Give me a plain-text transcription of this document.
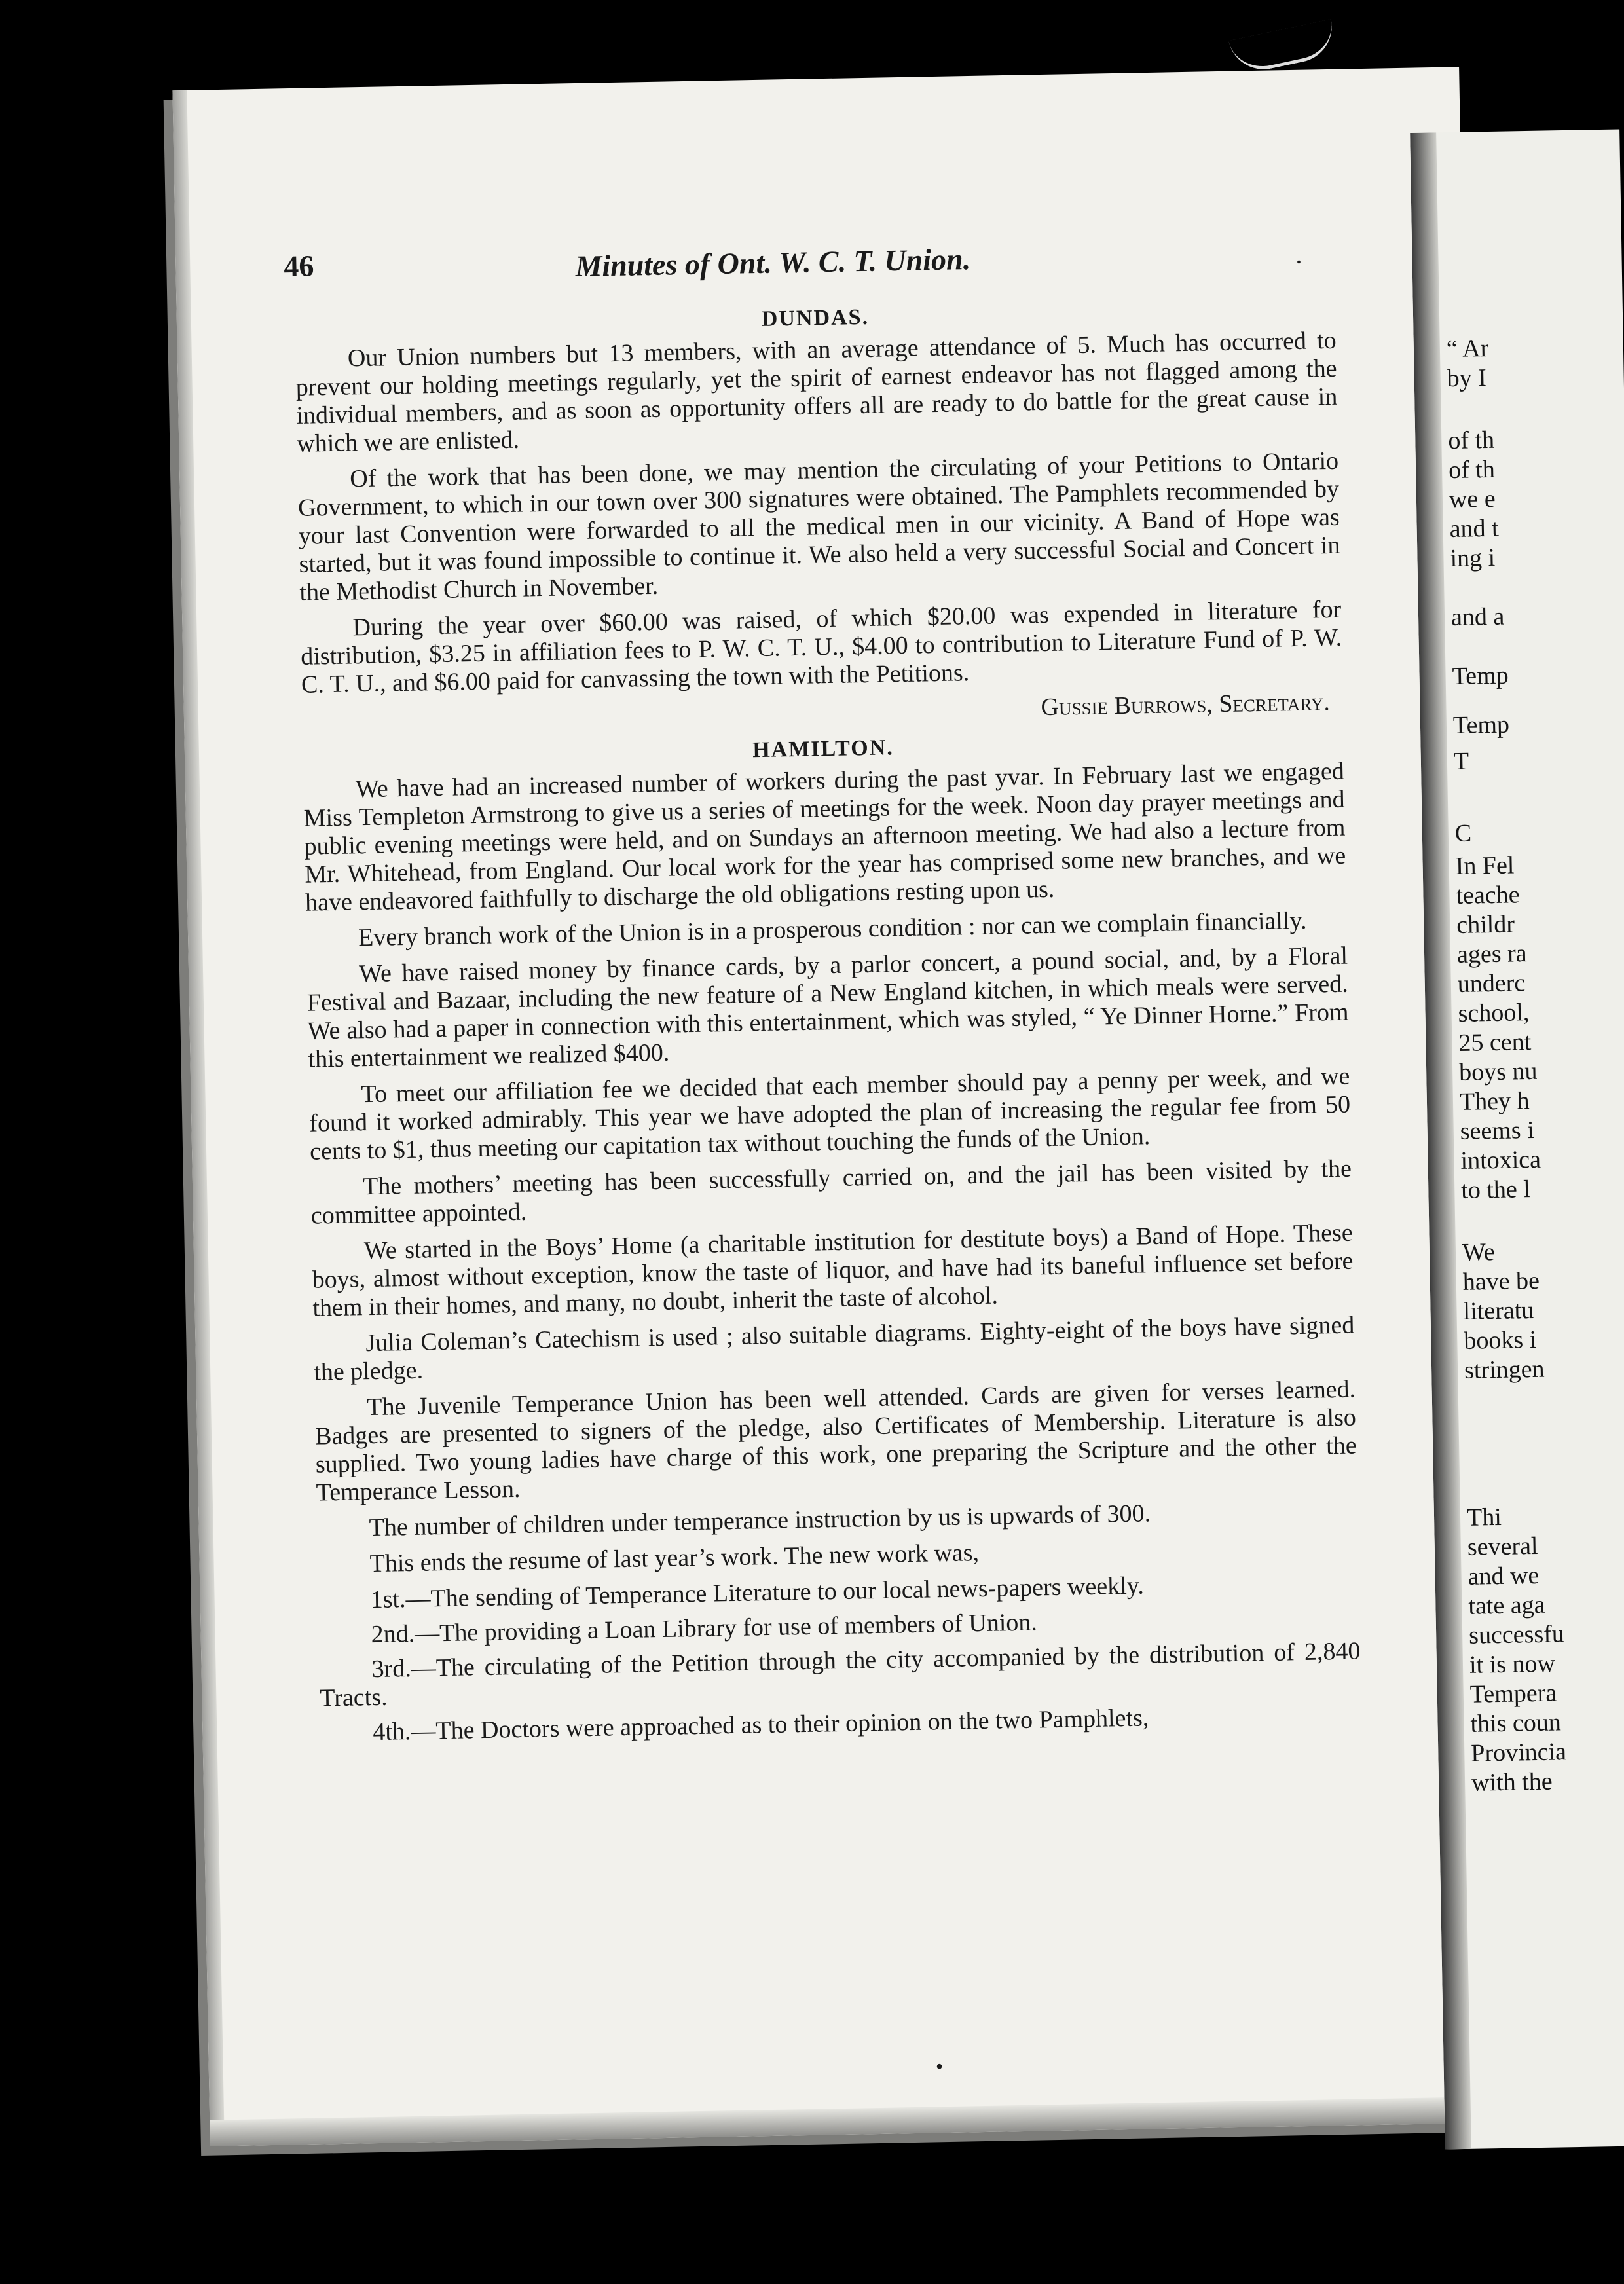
46	Minutes of Ont. W. C. T. Union.	.
DUNDAS.

Our Union numbers but 13 members, with an average attendance of 5. Much has occurred to prevent our holding meetings regularly, yet the spirit of earnest endeavor has not flagged among the individual members, and as soon as opportunity offers all are ready to do battle for the great cause in which we are enlisted.

Of the work that has been done, we may mention the circulating of your Petitions to Ontario Government, to which in our town over 300 signatures were obtained. The Pamphlets recommended by your last Convention were forwarded to all the medical men in our vicinity. A Band of Hope was started, but it was found impossible to continue it. We also held a very successful Social and Concert in the Methodist Church in November.

During the year over $60.00 was raised, of which $20.00 was expended in literature for distribution, $3.25 in affiliation fees to P. W. C. T. U., $4.00 to contribution to Literature Fund of P. W. C. T. U., and $6.00 paid for canvassing the town with the Petitions.

Gussie Burrows, Secretary.
HAMILTON.

We have had an increased number of workers during the past yvar. In February last we engaged Miss Templeton Armstrong to give us a series of meetings for the week. Noon day prayer meetings and public evening meetings were held, and on Sundays an afternoon meeting. We had also a lecture from Mr. Whitehead, from England. Our local work for the year has comprised some new branches, and we have endeavored faithfully to discharge the old obligations resting upon us.

Every branch work of the Union is in a prosperous condition : nor can we complain financially.

We have raised money by finance cards, by a parlor concert, a pound social, and, by a Floral Festival and Bazaar, including the new feature of a New England kitchen, in which meals were served. We also had a paper in connection with this entertainment, which was styled, “ Ye Dinner Horne.” From this entertainment we realized $400.

To meet our affiliation fee we decided that each member should pay a penny per week, and we found it worked admirably. This year we have adopted the plan of increasing the regular fee from 50 cents to $1, thus meeting our capitation tax without touching the funds of the Union.

The mothers’ meeting has been successfully carried on, and the jail has been visited by the committee appointed.

We started in the Boys’ Home (a charitable institution for destitute boys) a Band of Hope. These boys, almost without exception, know the taste of liquor, and have had its baneful influence set before them in their homes, and many, no doubt, inherit the taste of alcohol.

Julia Coleman’s Catechism is used ; also suitable diagrams. Eighty-eight of the boys have signed the pledge.

The Juvenile Temperance Union has been well attended. Cards are given for verses learned. Badges are presented to signers of the pledge, also Certificates of Membership. Literature is also supplied. Two young ladies have charge of this work, one preparing the Scripture and the other the Temperance Lesson.

The number of children under temperance instruction by us is upwards of 300.

This ends the resume of last year’s work. The new work was,

1st.—The sending of Temperance Literature to our local news-papers weekly.

2nd.—The providing a Loan Library for use of members of Union.

3rd.—The circulating of the Petition through the city accompanied by the distribution of 2,840 Tracts.

4th.—The Doctors were approached as to their opinion on the two Pamphlets,

•
“ Ar
by I
of th
of th
we e
and t
ing i
and a
Temp
Temp
T
C
In Fel
teache
childr
ages ra
underc
school,
25 cent
boys nu
They h
seems i
intoxica
to the l
We
have be
literatu
books i
stringen
Thi
several
and we
tate aga
successfu
it is now
Tempera
this coun
Provincia
with the
